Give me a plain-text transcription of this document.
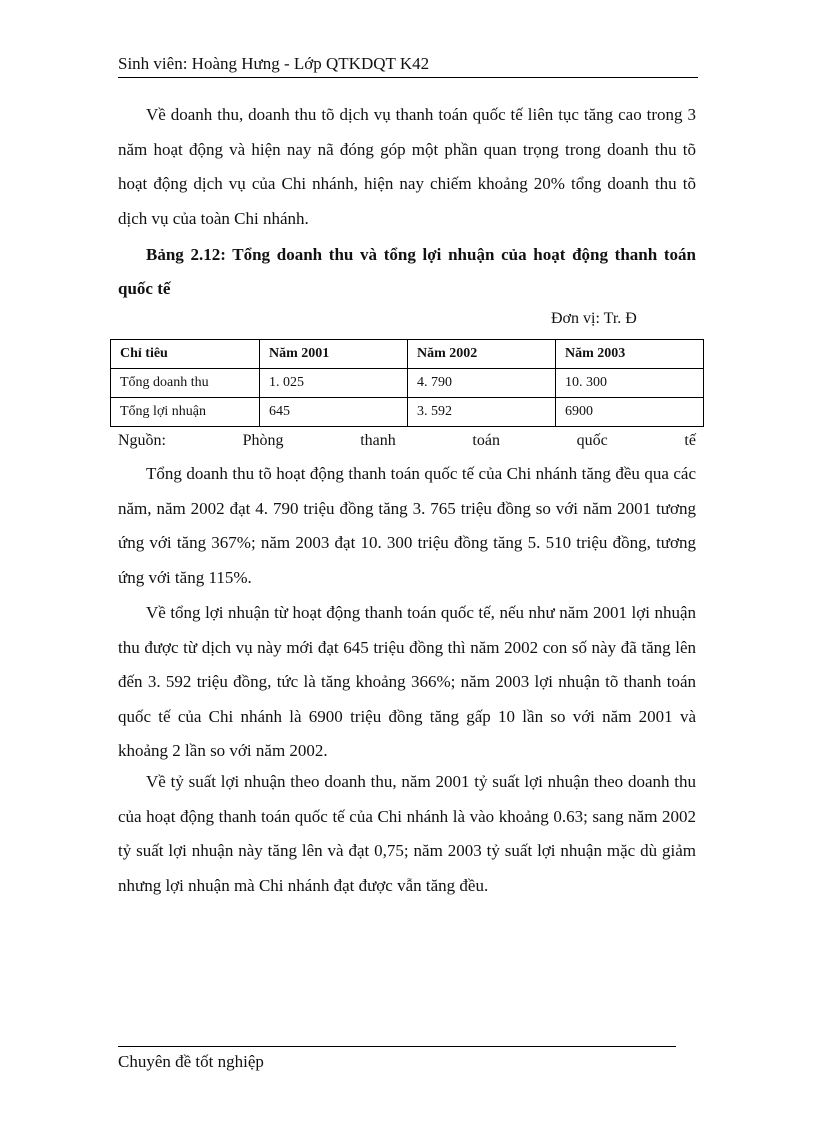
Sinh viên: Hoàng Hưng - Lớp QTKDQT K42

Về doanh thu, doanh thu tõ dịch vụ thanh toán quốc tế liên tục tăng cao trong 3 năm hoạt động và hiện nay nã đóng góp một phần quan trọng trong doanh thu tõ hoạt động dịch vụ của Chi nhánh, hiện nay chiếm khoảng 20% tổng doanh thu tõ dịch vụ của toàn Chi nhánh.

Bảng 2.12: Tổng doanh thu và tổng lợi nhuận của hoạt động thanh toán quốc tế

Đơn vị: Tr. Đ
Chỉ tiêu	Năm 2001	Năm 2002	Năm 2003
Tổng doanh thu	1. 025	4. 790	10. 300
Tổng lợi nhuận	645	3. 592	6900
Nguồn:	Phòng	thanh	toán	quốc	tế

Tổng doanh thu tõ hoạt động thanh toán quốc tế của Chi nhánh tăng đều qua các năm, năm 2002 đạt 4. 790 triệu đồng tăng 3. 765 triệu đồng so với năm 2001 tương ứng với tăng 367%; năm 2003 đạt 10. 300 triệu đồng tăng 5. 510 triệu đồng, tương ứng với tăng 115%.

Về tổng lợi nhuận từ hoạt động thanh toán quốc tế, nếu như năm 2001 lợi nhuận thu được từ dịch vụ này mới đạt 645 triệu đồng thì năm 2002 con số này đã tăng lên đến 3. 592 triệu đồng, tức là tăng khoảng 366%; năm 2003 lợi nhuận tõ thanh toán quốc tế của Chi nhánh là 6900 triệu đồng tăng gấp 10 lần so với năm 2001 và khoảng 2 lần so với năm 2002.

Về tỷ suất lợi nhuận theo doanh thu, năm 2001 tỷ suất lợi nhuận theo doanh thu của hoạt động thanh toán quốc tế của Chi nhánh là vào khoảng 0.63; sang năm 2002 tỷ suất lợi nhuận này tăng lên và đạt 0,75; năm 2003 tỷ suất lợi nhuận mặc dù giảm nhưng lợi nhuận mà Chi nhánh đạt được vẫn tăng đều.

Chuyên đề tốt nghiệp
